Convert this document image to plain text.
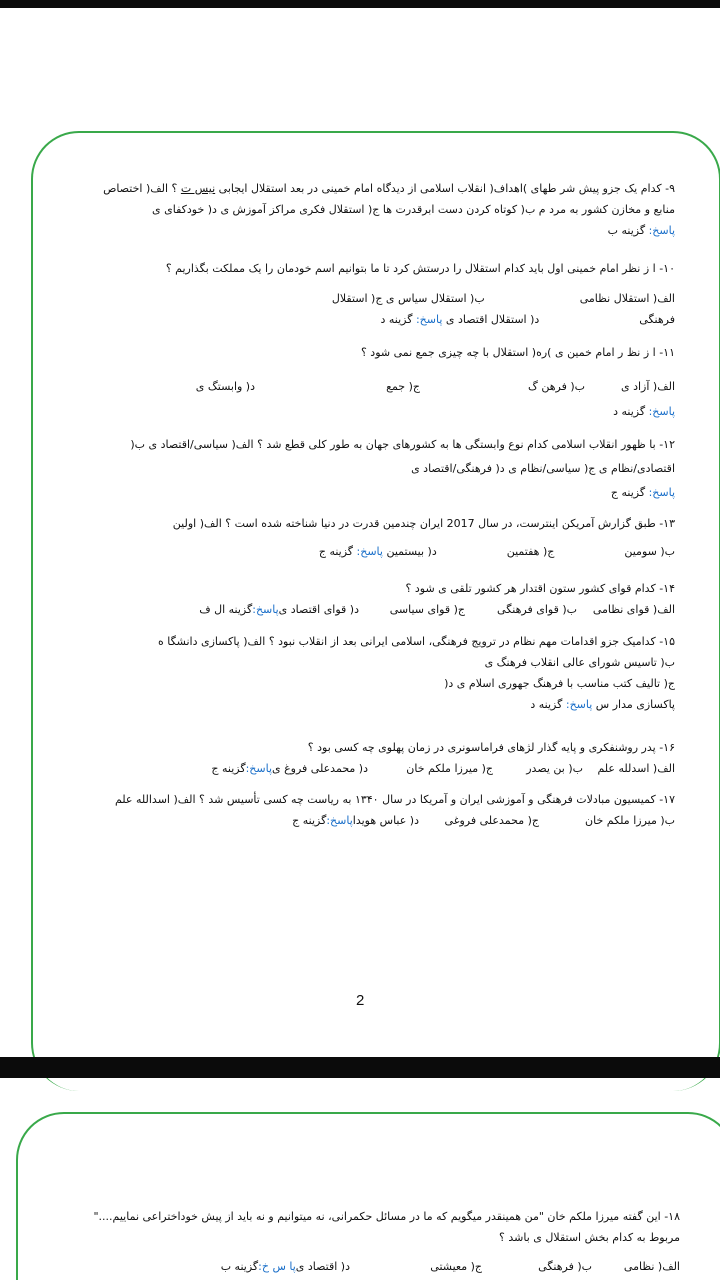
۹- کدام یک جزو پیش شر طهای )اهداف( انقلاب اسلامی از دیدگاه امام خمینی در بعد استقلال ایجابی نیس ت ؟ الف( اختصاص
منابع و مخازن کشور به مرد م ب( کوتاه کردن دست ابرقدرت ها ج( استقلال فکری مراکز آموزش ی د( خودکفای ی
پاسخ: گزینه ب
۱۰- ا ز نظر امام خمینی اول باید کدام استقلال را درستش کرد تا ما بتوانیم اسم خودمان را یک مملکت بگذاریم ؟
الف( استقلال نظامیب( استقلال سیاس ی ج( استقلال
فرهنگید( استقلال اقتصاد ی پاسخ: گزینه د
۱۱- ا ز نظ ر امام خمین ی )ره( استقلال با چه چیزی جمع نمی شود ؟
الف( آزاد ی
ب( فرهن گ
ج( جمع
د( وابستگ ی
پاسخ: گزینه د
۱۲- با ظهور انقلاب اسلامی کدام نوع وابستگی ها به کشورهای جهان به طور کلی قطع شد ؟ الف( سیاسی/اقتصاد ی ب(
اقتصادی/نظام ی ج( سیاسی/نظام ی د( فرهنگی/اقتصاد ی
پاسخ: گزینه ج
۱۳- طبق گزارش آمریکن اینترست، در سال 2017 ایران چندمین قدرت در دنیا شناخته شده است ؟ الف( اولین
ب( سومینج( هفتمیند( بیستمین پاسخ: گزینه ج
۱۴- کدام قوای کشور ستون اقتدار هر کشور تلقی ی شود ؟
الف( قوای نظامی
ب( قوای فرهنگی
ج( قوای سیاسی
د( قوای اقتصاد یپاسخ:گزینه ال ف
۱۵- کدامیک جزو اقدامات مهم نظام در ترویج فرهنگی، اسلامی ایرانی بعد از انقلاب نبود ؟ الف( پاکسازی دانشگا ه
ب( تاسیس شورای عالی انقلاب فرهنگ ی
ج( تالیف کتب مناسب با فرهنگ جهوری اسلام ی د(
پاکسازی مدار س پاسخ: گزینه د
۱۶- پدر روشنفکری و پایه گذار لژهای فراماسونری در زمان پهلوی چه کسی بود ؟
الف( اسدلله علم
ب( بن یصدر
ج( میرزا ملکم خان
د( محمدعلی فروغ یپاسخ:گزینه ج
۱۷- کمیسیون مبادلات فرهنگی و آموزشی ایران و آمریکا در سال ۱۳۴۰ به ریاست چه کسی تأسیس شد ؟ الف( اسدالله علم
ب( میرزا ملکم خان
ج( محمدعلی فروغی
د( عباس هویداپاسخ:گزینه ج
2
۱۸- این گفته میرزا ملکم خان "من همینقدر میگویم که ما در مسائل حکمرانی، نه میتوانیم و نه باید از پیش خوداختراعی نماییم...."
مربوط به کدام بخش استقلال ی باشد ؟
الف( نظامی
ب( فرهنگی
ج( معیشتی
د( اقتصاد یپا س خ:گزینه ب
